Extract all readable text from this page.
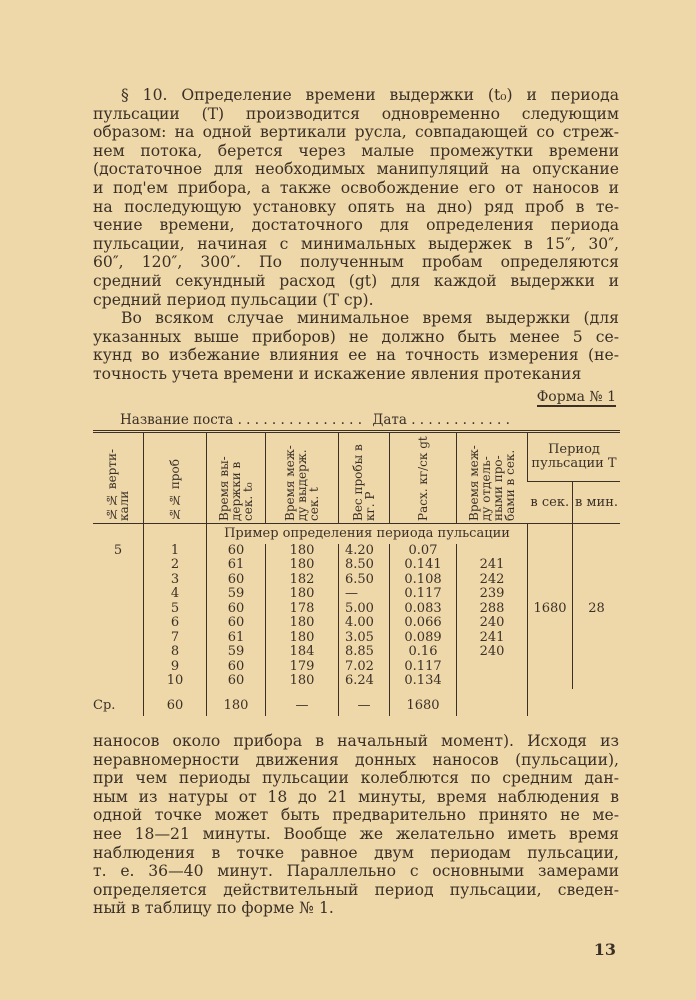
§ 10. Определение времени выдержки (t₀) и периода
пульсации (T) производится одновременно следующим
образом: на одной вертикали русла, совпадающей со стреж-
нем потока, берется через малые промежутки времени
(достаточное для необходимых манипуляций на опускание
и под'ем прибора, а также освобождение его от наносов и
на последующую установку опять на дно) ряд проб в те-
чение времени, достаточного для определения периода
пульсации, начиная с минимальных выдержек в 15″, 30″,
60″, 120″, 300″. По полученным пробам определяются
средний секундный расход (gt) для каждой выдержки и
средний период пульсации (T ср).
Во всяком случае минимальное время выдержки (для
указанных выше приборов) не должно быть менее 5 се-
кунд во избежание влияния ее на точность измерения (не-
точность учета времени и искажение явления протекания
Форма № 1
Название поста . . . . . . . . . . . . . . . Дата . . . . . . . . . . . .
№№ верти-кали	№№ проб	Время вы-держки в сек. t₀	Время меж-ду выдерж. сек. t	Вес пробы в кг. P	Расх. кг/ск gt	Время меж-ду отдель-ными про-бами в сек.	Период пульсации T	
							в сек.	в мин.
		Пример определения периода пульсации						
5	1	60	180	4.20	0.07			
	2	61	180	8.50	0.141	241		
	3	60	182	6.50	0.108	242		
	4	59	180	—	0.117	239		
	5	60	178	5.00	0.083	288	1680	28
	6	60	180	4.00	0.066	240		
	7	61	180	3.05	0.089	241		
	8	59	184	8.85	0.16	240		
	9	60	179	7.02	0.117			
	10	60	180	6.24	0.134			
Ср.	60	180	—	—	1680			
наносов около прибора в начальный момент). Исходя из
неравномерности движения донных наносов (пульсации),
при чем периоды пульсации колеблются по средним дан-
ным из натуры от 18 до 21 минуты, время наблюдения в
одной точке может быть предварительно принято не ме-
нее 18—21 минуты. Вообще же желательно иметь время
наблюдения в точке равное двум периодам пульсации,
т. е. 36—40 минут. Параллельно с основными замерами
определяется действительный период пульсации, сведен-
ный в таблицу по форме № 1.
13
